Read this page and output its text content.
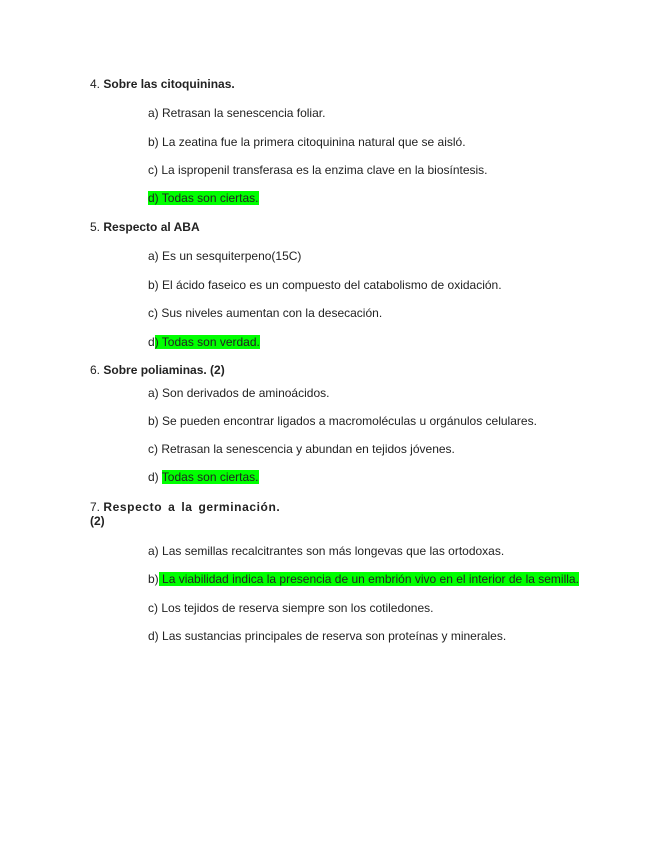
4. Sobre las citoquininas.
a) Retrasan la senescencia foliar.
b) La zeatina fue la primera citoquinina natural que se aisló.
c) La ispropenil transferasa es la enzima clave en la biosíntesis.
d) Todas son ciertas.
5. Respecto al ABA
a) Es un sesquiterpeno(15C)
b) El ácido faseico es un compuesto del catabolismo de oxidación.
c) Sus niveles aumentan con la desecación.
d) Todas son verdad.
6. Sobre poliaminas. (2)
a) Son derivados de aminoácidos.
b) Se pueden encontrar ligados a macromoléculas u orgánulos celulares.
c) Retrasan la senescencia y abundan en tejidos jóvenes.
d) Todas son ciertas.
7. Respecto a la germinación.
(2)
a) Las semillas recalcitrantes son más longevas que las ortodoxas.
b) La viabilidad indica la presencia de un embrión vivo en el interior de la semilla.
c) Los tejidos de reserva siempre son los cotiledones.
d) Las sustancias principales de reserva son proteínas y minerales.
